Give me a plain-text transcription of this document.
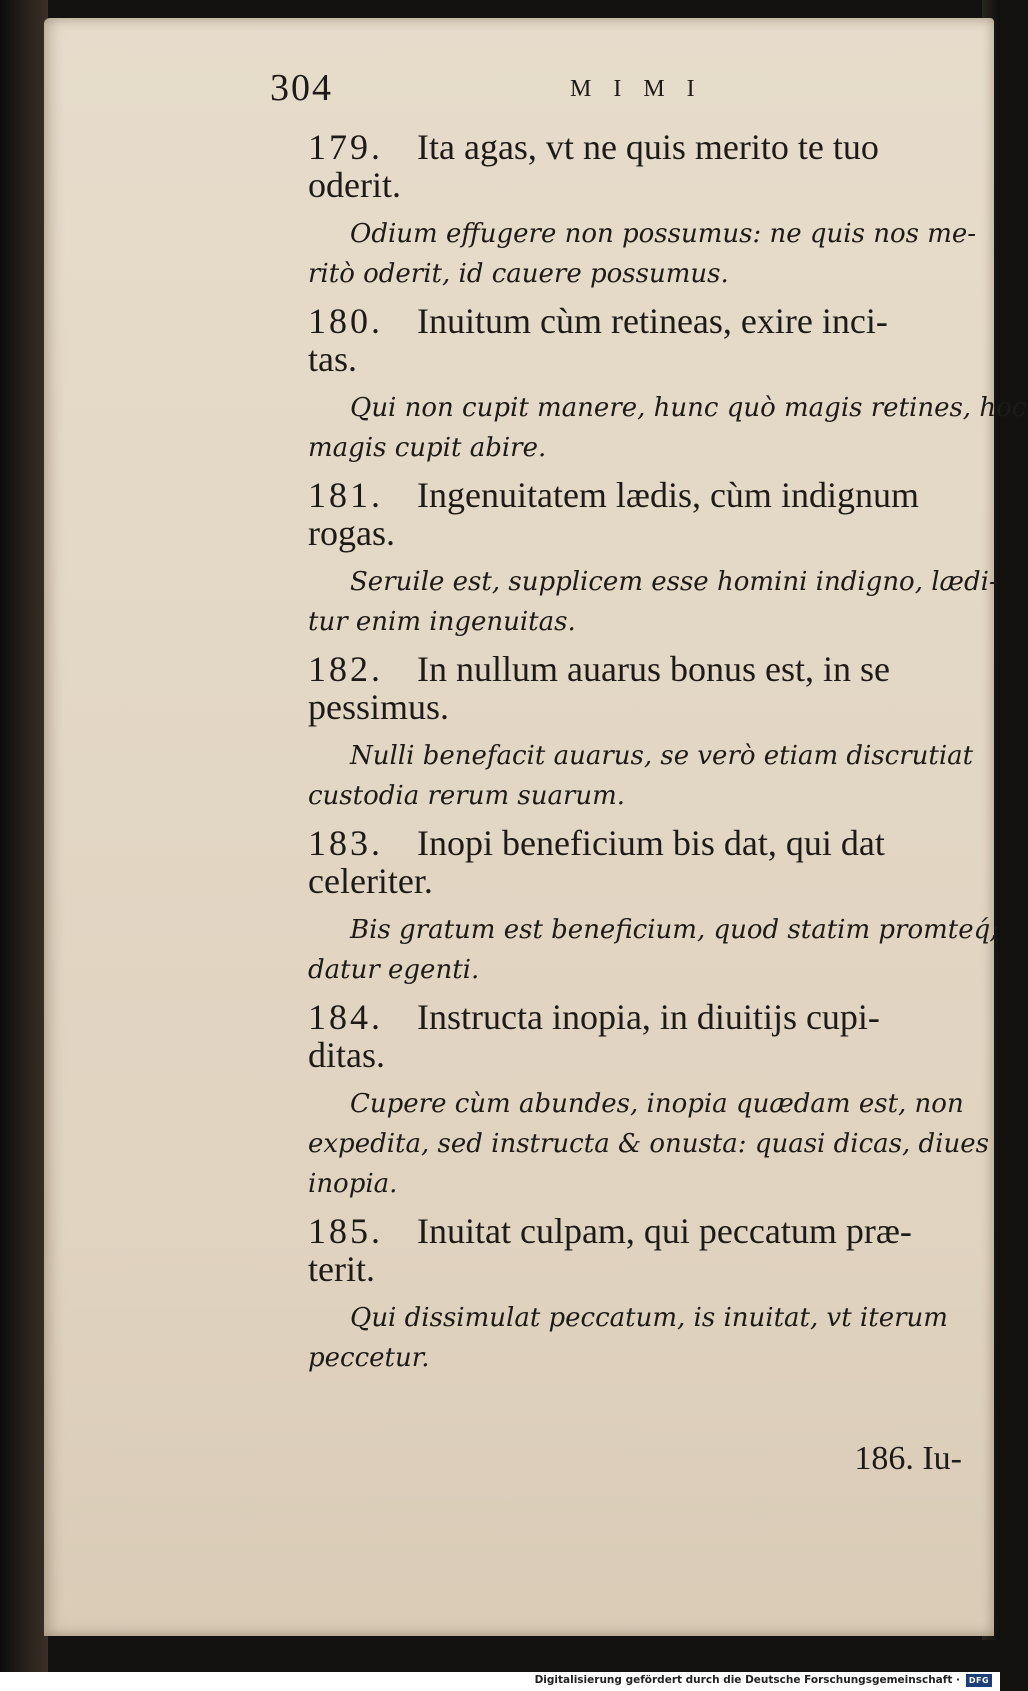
304	MIMI
179. Ita agas, vt ne quis merito te tuo
oderit.
Odium effugere non possumus: ne quis nos me- ritò oderit, id cauere possumus.
180. Inuitum cùm retineas, exire inci-
tas.
Qui non cupit manere, hunc quò magis retines, hoc magis cupit abire.
181. Ingenuitatem lædis, cùm indignum
rogas.
Seruile est, supplicem esse homini indigno, lædi- tur enim ingenuitas.
182. In nullum auarus bonus est, in se
pessimus.
Nulli benefacit auarus, se verò etiam discrutiat custodia rerum suarum.
183. Inopi beneficium bis dat, qui dat
celeriter.
Bis gratum est beneficium, quod statim promteq́; datur egenti.
184. Instructa inopia, in diuitijs cupi-
ditas.
Cupere cùm abundes, inopia quædam est, non expedita, sed instructa & onusta: quasi dicas, diues inopia.
185. Inuitat culpam, qui peccatum præ-
terit.
Qui dissimulat peccatum, is inuitat, vt iterum peccetur.
186. Iu-
Digitalisierung gefördert durch die Deutsche Forschungsgemeinschaft ·	DFG
